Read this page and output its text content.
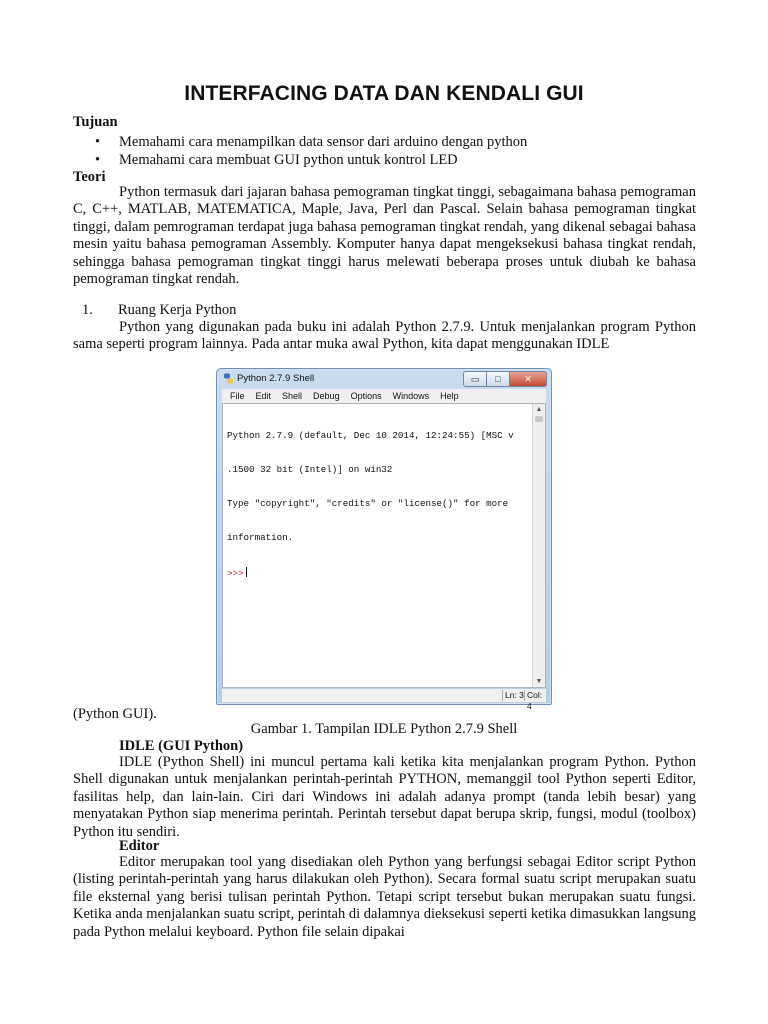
INTERFACING DATA DAN KENDALI GUI
Tujuan
• Memahami cara menampilkan data sensor dari arduino dengan python
• Memahami cara membuat GUI python untuk kontrol LED
Teori
Python termasuk dari jajaran bahasa pemograman tingkat tinggi, sebagaimana bahasa pemograman C, C++, MATLAB, MATEMATICA, Maple, Java, Perl dan Pascal. Selain bahasa pemograman tingkat tinggi, dalam pemrograman terdapat juga bahasa pemograman tingkat rendah, yang dikenal sebagai bahasa mesin yaitu bahasa pemograman Assembly. Komputer hanya dapat mengeksekusi bahasa tingkat rendah, sehingga bahasa pemograman tingkat tinggi harus melewati beberapa proses untuk diubah ke bahasa pemograman tingkat rendah.
1. Ruang Kerja Python
Python yang digunakan pada buku ini adalah Python 2.7.9. Untuk menjalankan program Python sama seperti program lainnya. Pada antar muka awal Python, kita dapat menggunakan IDLE
Python 2.7.9 Shell	▭	□	✕
File Edit Shell Debug Options Windows Help

Python 2.7.9 (default, Dec 10 2014, 12:24:55) [MSC v

.1500 32 bit (Intel)] on win32

Type "copyright", "credits" or "license()" for more

information.

>>>

▲
▼
Ln: 3 Col: 4
(Python GUI).
Gambar 1. Tampilan IDLE Python 2.7.9 Shell
IDLE (GUI Python)
IDLE (Python Shell) ini muncul pertama kali ketika kita menjalankan program Python. Python Shell digunakan untuk menjalankan perintah-perintah PYTHON, memanggil tool Python seperti Editor, fasilitas help, dan lain-lain. Ciri dari Windows ini adalah adanya prompt (tanda lebih besar) yang menyatakan Python siap menerima perintah. Perintah tersebut dapat berupa skrip, fungsi, modul (toolbox) Python itu sendiri.
Editor
Editor merupakan tool yang disediakan oleh Python yang berfungsi sebagai Editor script Python (listing perintah-perintah yang harus dilakukan oleh Python). Secara formal suatu script merupakan suatu file eksternal yang berisi tulisan perintah Python. Tetapi script tersebut bukan merupakan suatu fungsi. Ketika anda menjalankan suatu script, perintah di dalamnya dieksekusi seperti ketika dimasukkan langsung pada Python melalui keyboard. Python file selain dipakai
